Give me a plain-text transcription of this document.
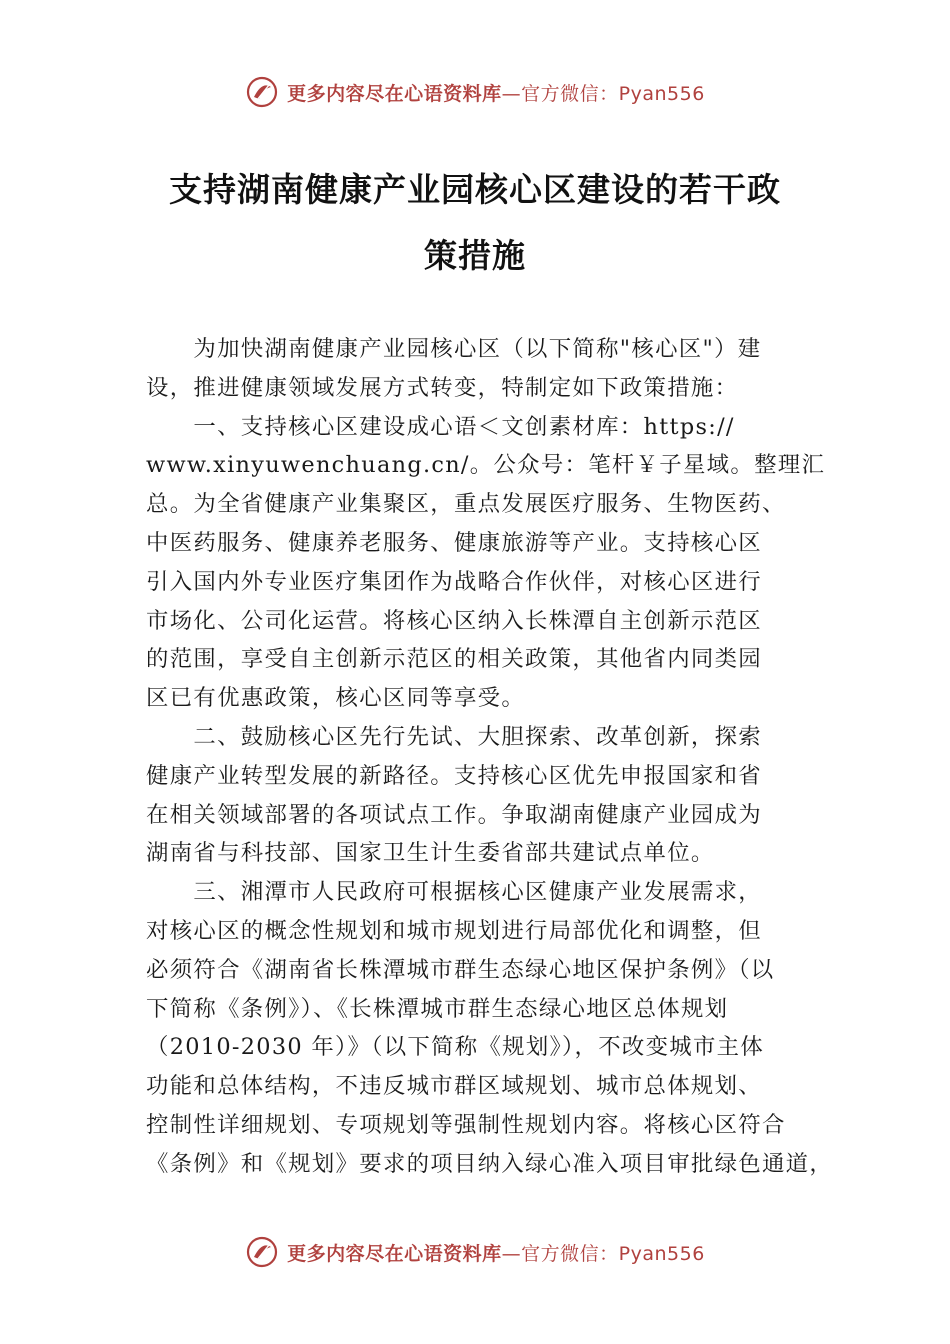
更多内容尽在心语资料库—官方微信：Pyan556
支持湖南健康产业园核心区建设的若干政
策措施
　　为加快湖南健康产业园核心区（以下简称"核心区"）建
设，推进健康领域发展方式转变，特制定如下政策措施：
　　一、支持核心区建设成心语＜文创素材库：https://
www.xinyuwenchuang.cn/。公众号：笔杆￥子星域。整理汇
总。为全省健康产业集聚区，重点发展医疗服务、生物医药、
中医药服务、健康养老服务、健康旅游等产业。支持核心区
引入国内外专业医疗集团作为战略合作伙伴，对核心区进行
市场化、公司化运营。将核心区纳入长株潭自主创新示范区
的范围，享受自主创新示范区的相关政策，其他省内同类园
区已有优惠政策，核心区同等享受。
　　二、鼓励核心区先行先试、大胆探索、改革创新，探索
健康产业转型发展的新路径。支持核心区优先申报国家和省
在相关领域部署的各项试点工作。争取湖南健康产业园成为
湖南省与科技部、国家卫生计生委省部共建试点单位。
　　三、湘潭市人民政府可根据核心区健康产业发展需求，
对核心区的概念性规划和城市规划进行局部优化和调整，但
必须符合《湖南省长株潭城市群生态绿心地区保护条例》（以
下简称《条例》）、《长株潭城市群生态绿心地区总体规划
（2010-2030 年）》（以下简称《规划》），不改变城市主体
功能和总体结构，不违反城市群区域规划、城市总体规划、
控制性详细规划、专项规划等强制性规划内容。将核心区符合
《条例》和《规划》要求的项目纳入绿心准入项目审批绿色通道，
更多内容尽在心语资料库—官方微信：Pyan556
